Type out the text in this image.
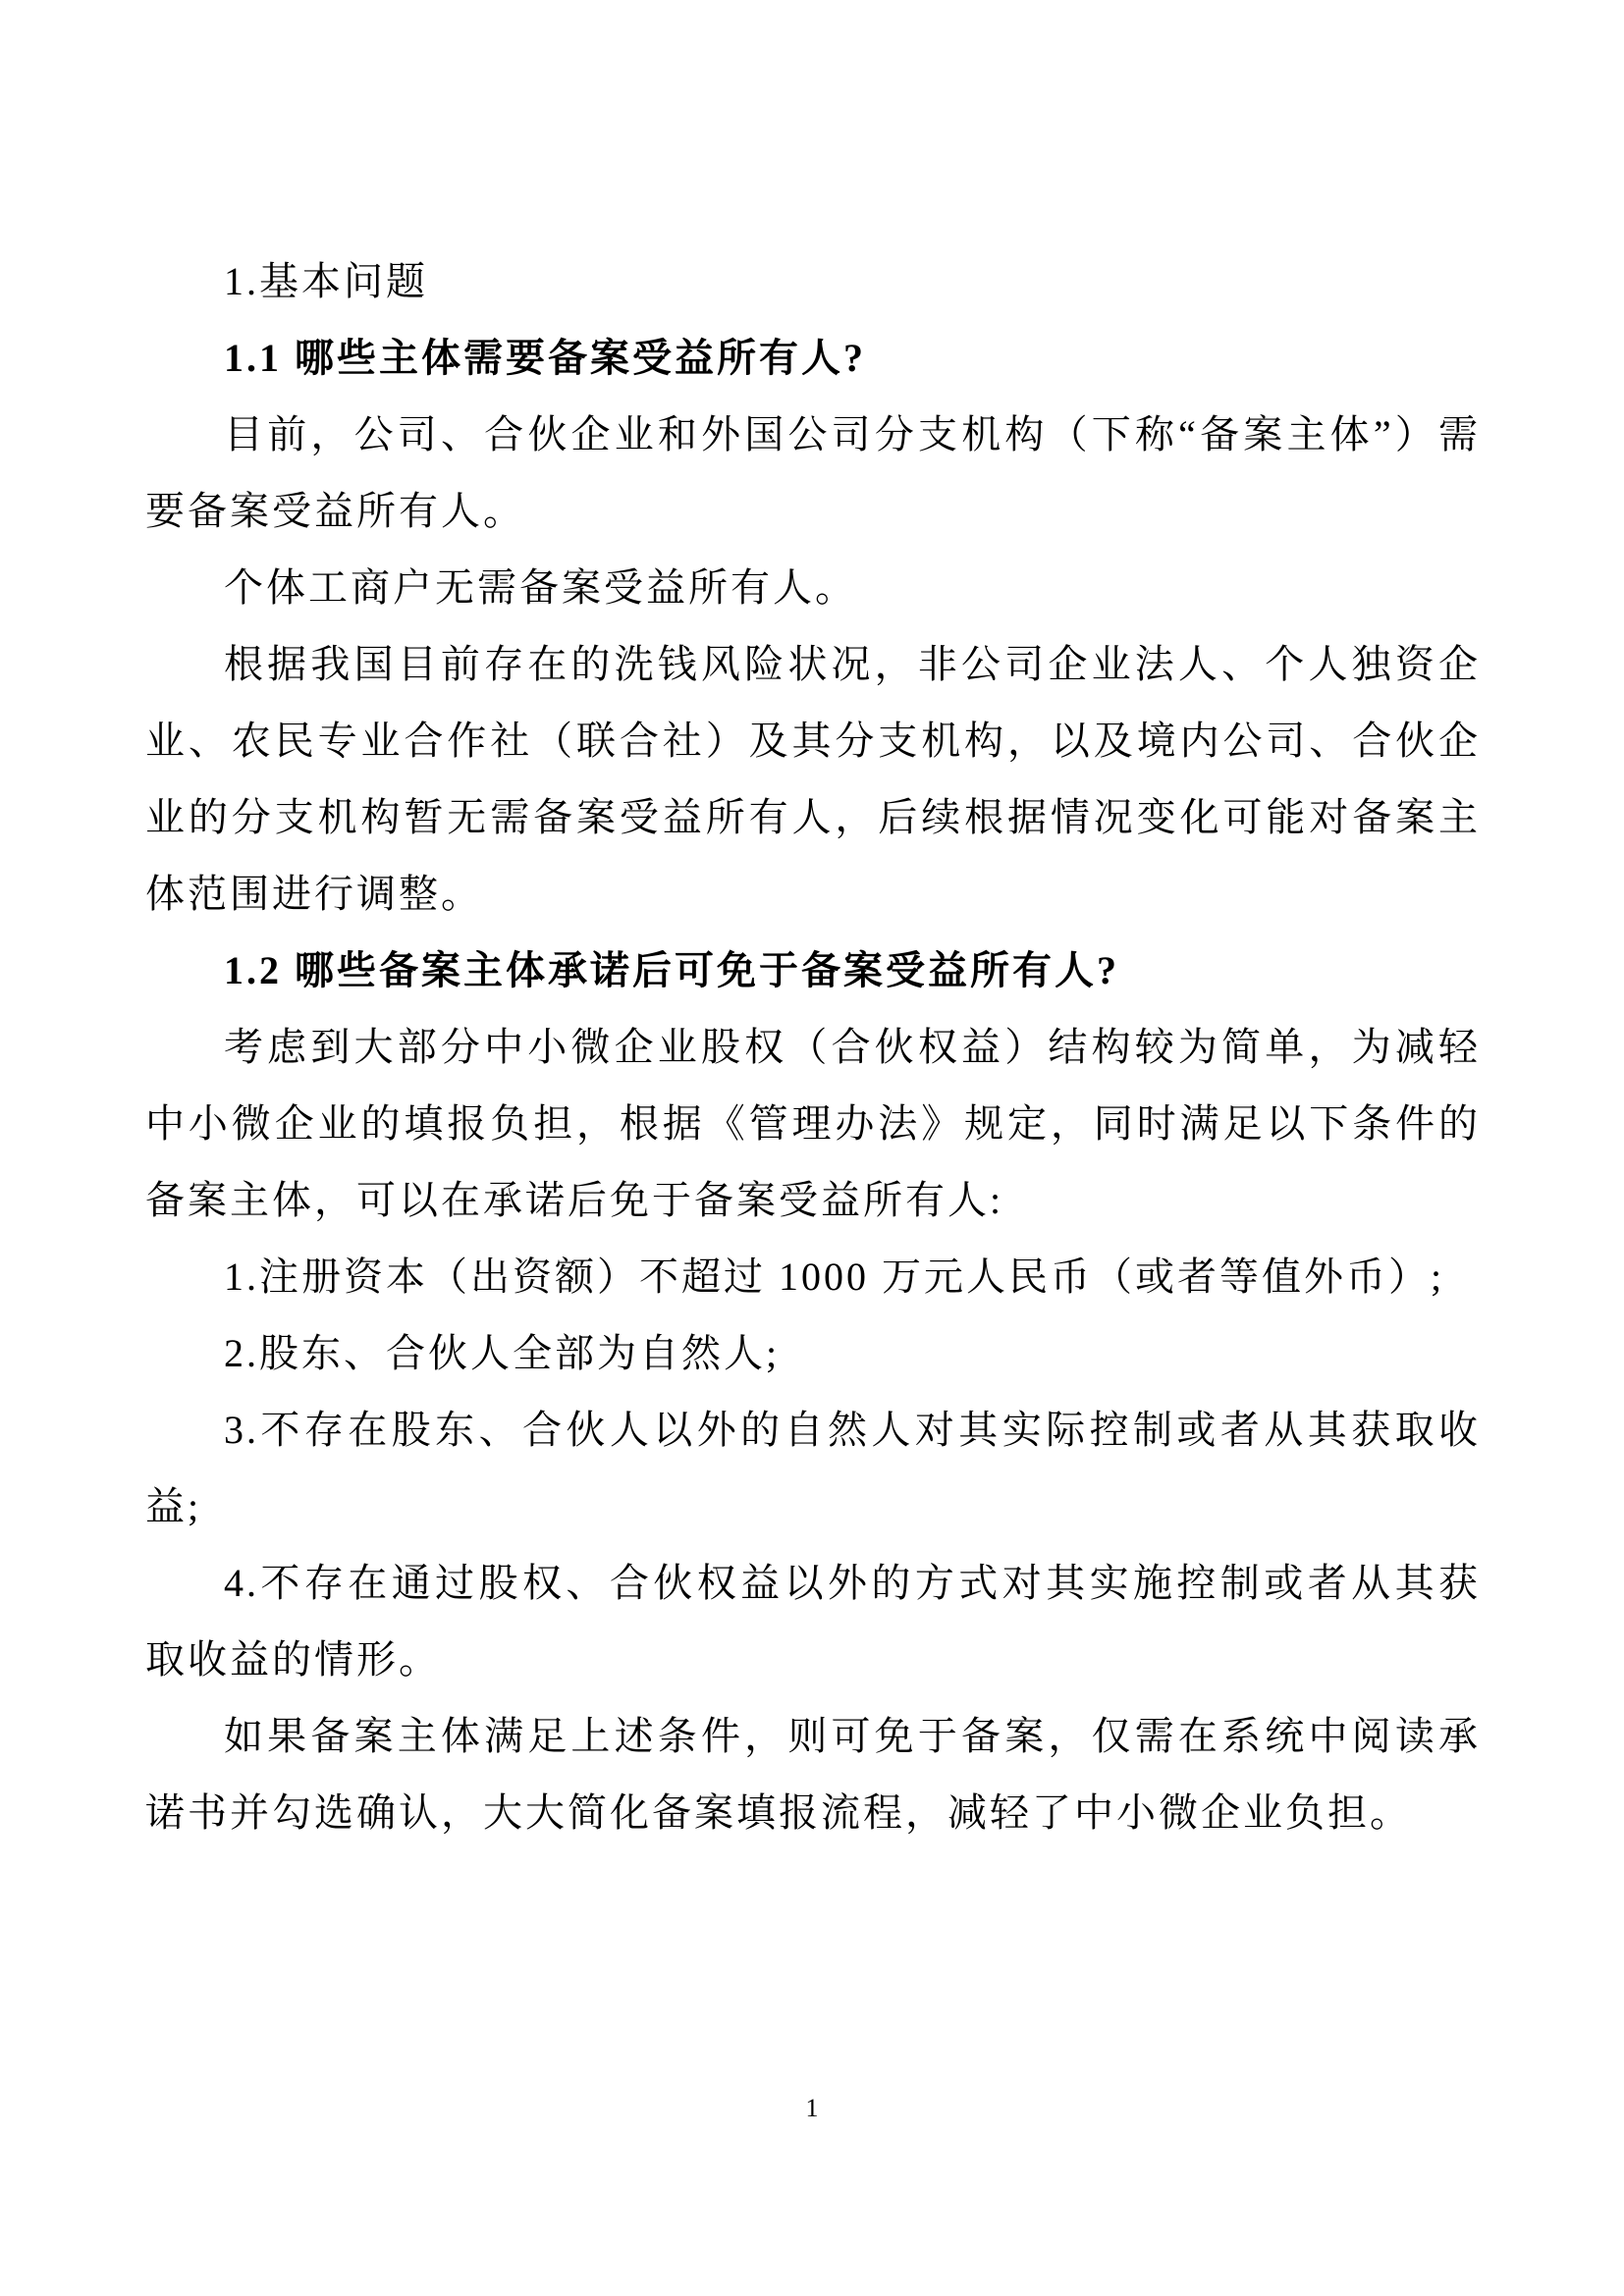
1.基本问题
1.1 哪些主体需要备案受益所有人?

目前，公司、合伙企业和外国公司分支机构（下称“备案主体”）需要备案受益所有人。

个体工商户无需备案受益所有人。

根据我国目前存在的洗钱风险状况，非公司企业法人、个人独资企业、农民专业合作社（联合社）及其分支机构，以及境内公司、合伙企业的分支机构暂无需备案受益所有人，后续根据情况变化可能对备案主体范围进行调整。

1.2 哪些备案主体承诺后可免于备案受益所有人?

考虑到大部分中小微企业股权（合伙权益）结构较为简单，为减轻中小微企业的填报负担，根据《管理办法》规定，同时满足以下条件的备案主体，可以在承诺后免于备案受益所有人:

1.注册资本（出资额）不超过 1000 万元人民币（或者等值外币）;

2.股东、合伙人全部为自然人;

3.不存在股东、合伙人以外的自然人对其实际控制或者从其获取收益;

4.不存在通过股权、合伙权益以外的方式对其实施控制或者从其获取收益的情形。

如果备案主体满足上述条件，则可免于备案，仅需在系统中阅读承诺书并勾选确认，大大简化备案填报流程，减轻了中小微企业负担。

1
